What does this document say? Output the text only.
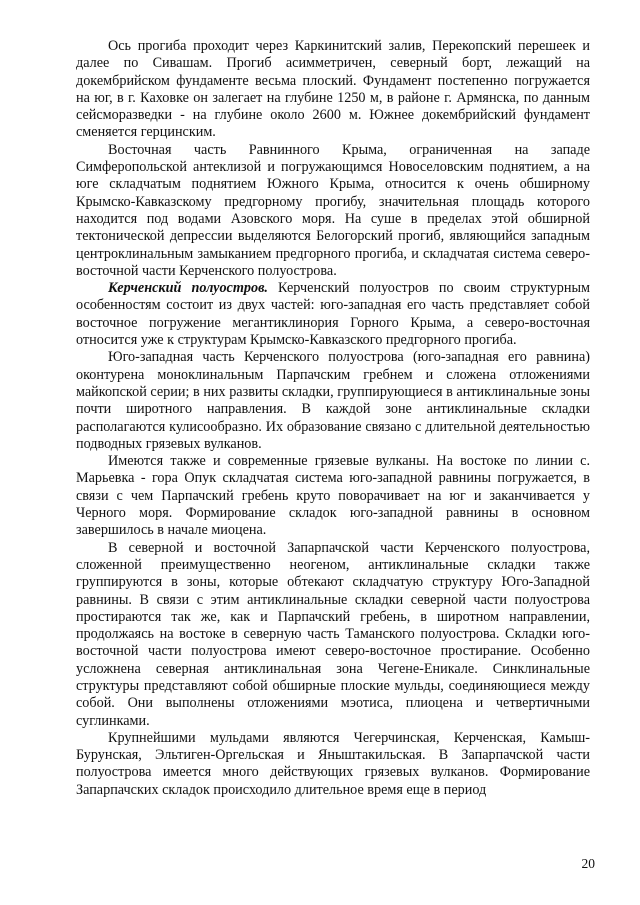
Ось прогиба проходит через Каркинитский залив, Перекопский перешеек и далее по Сивашам. Прогиб асимметричен, северный борт, лежащий на докембрийском фундаменте весьма плоский. Фундамент постепенно погружается на юг, в г. Каховке он залегает на глубине 1250 м, в районе г. Армянска, по данным сейсморазведки - на глубине около 2600 м. Южнее докембрийский фундамент сменяется герцинским.

Восточная часть Равнинного Крыма, ограниченная на западе Симферопольской антеклизой и погружающимся Новоселовским поднятием, а на юге складчатым поднятием Южного Крыма, относится к очень обширному Крымско-Кавказскому предгорному прогибу, значительная площадь которого находится под водами Азовского моря. На суше в пределах этой обширной тектонической депрессии выделяются Белогорский прогиб, являющийся западным центроклинальным замыканием предгорного прогиба, и складчатая система северо-восточной части Керченского полуострова.

Керченский полуостров. Керченский полуостров по своим структурным особенностям состоит из двух частей: юго-западная его часть представляет собой восточное погружение мегантиклинория Горного Крыма, а северо-восточная относится уже к структурам Крымско-Кавказского предгорного прогиба.

Юго-западная часть Керченского полуострова (юго-западная его равнина) оконтурена моноклинальным Парпачским гребнем и сложена отложениями майкопской серии; в них развиты складки, группирующиеся в антиклинальные зоны почти широтного направления. В каждой зоне антиклинальные складки располагаются кулисообразно. Их образование связано с длительной деятельностью подводных грязевых вулканов.

Имеются также и современные грязевые вулканы. На востоке по линии с. Марьевка - гора Опук складчатая система юго-западной равнины погружается, в связи с чем Парпачский гребень круто поворачивает на юг и заканчивается у Черного моря. Формирование складок юго-западной равнины в основном завершилось в начале миоцена.

В северной и восточной Запарпачской части Керченского полуострова, сложенной преимущественно неогеном, антиклинальные складки также группируются в зоны, которые обтекают складчатую структуру Юго-Западной равнины. В связи с этим антиклинальные складки северной части полуострова простираются так же, как и Парпачский гребень, в широтном направлении, продолжаясь на востоке в северную часть Таманского полуострова. Складки юго-восточной части полуострова имеют северо-восточное простирание. Особенно усложнена северная антиклинальная зона Чегене-Еникале. Синклинальные структуры представляют собой обширные плоские мульды, соединяющиеся между собой. Они выполнены отложениями мэотиса, плиоцена и четвертичными суглинками.

Крупнейшими мульдами являются Чегерчинская, Керченская, Камыш-Бурунская, Эльтиген-Оргельская и Яныштакильская. В Запарпачской части полуострова имеется много действующих грязевых вулканов. Формирование Запарпачских складок происходило длительное время еще в период

20
